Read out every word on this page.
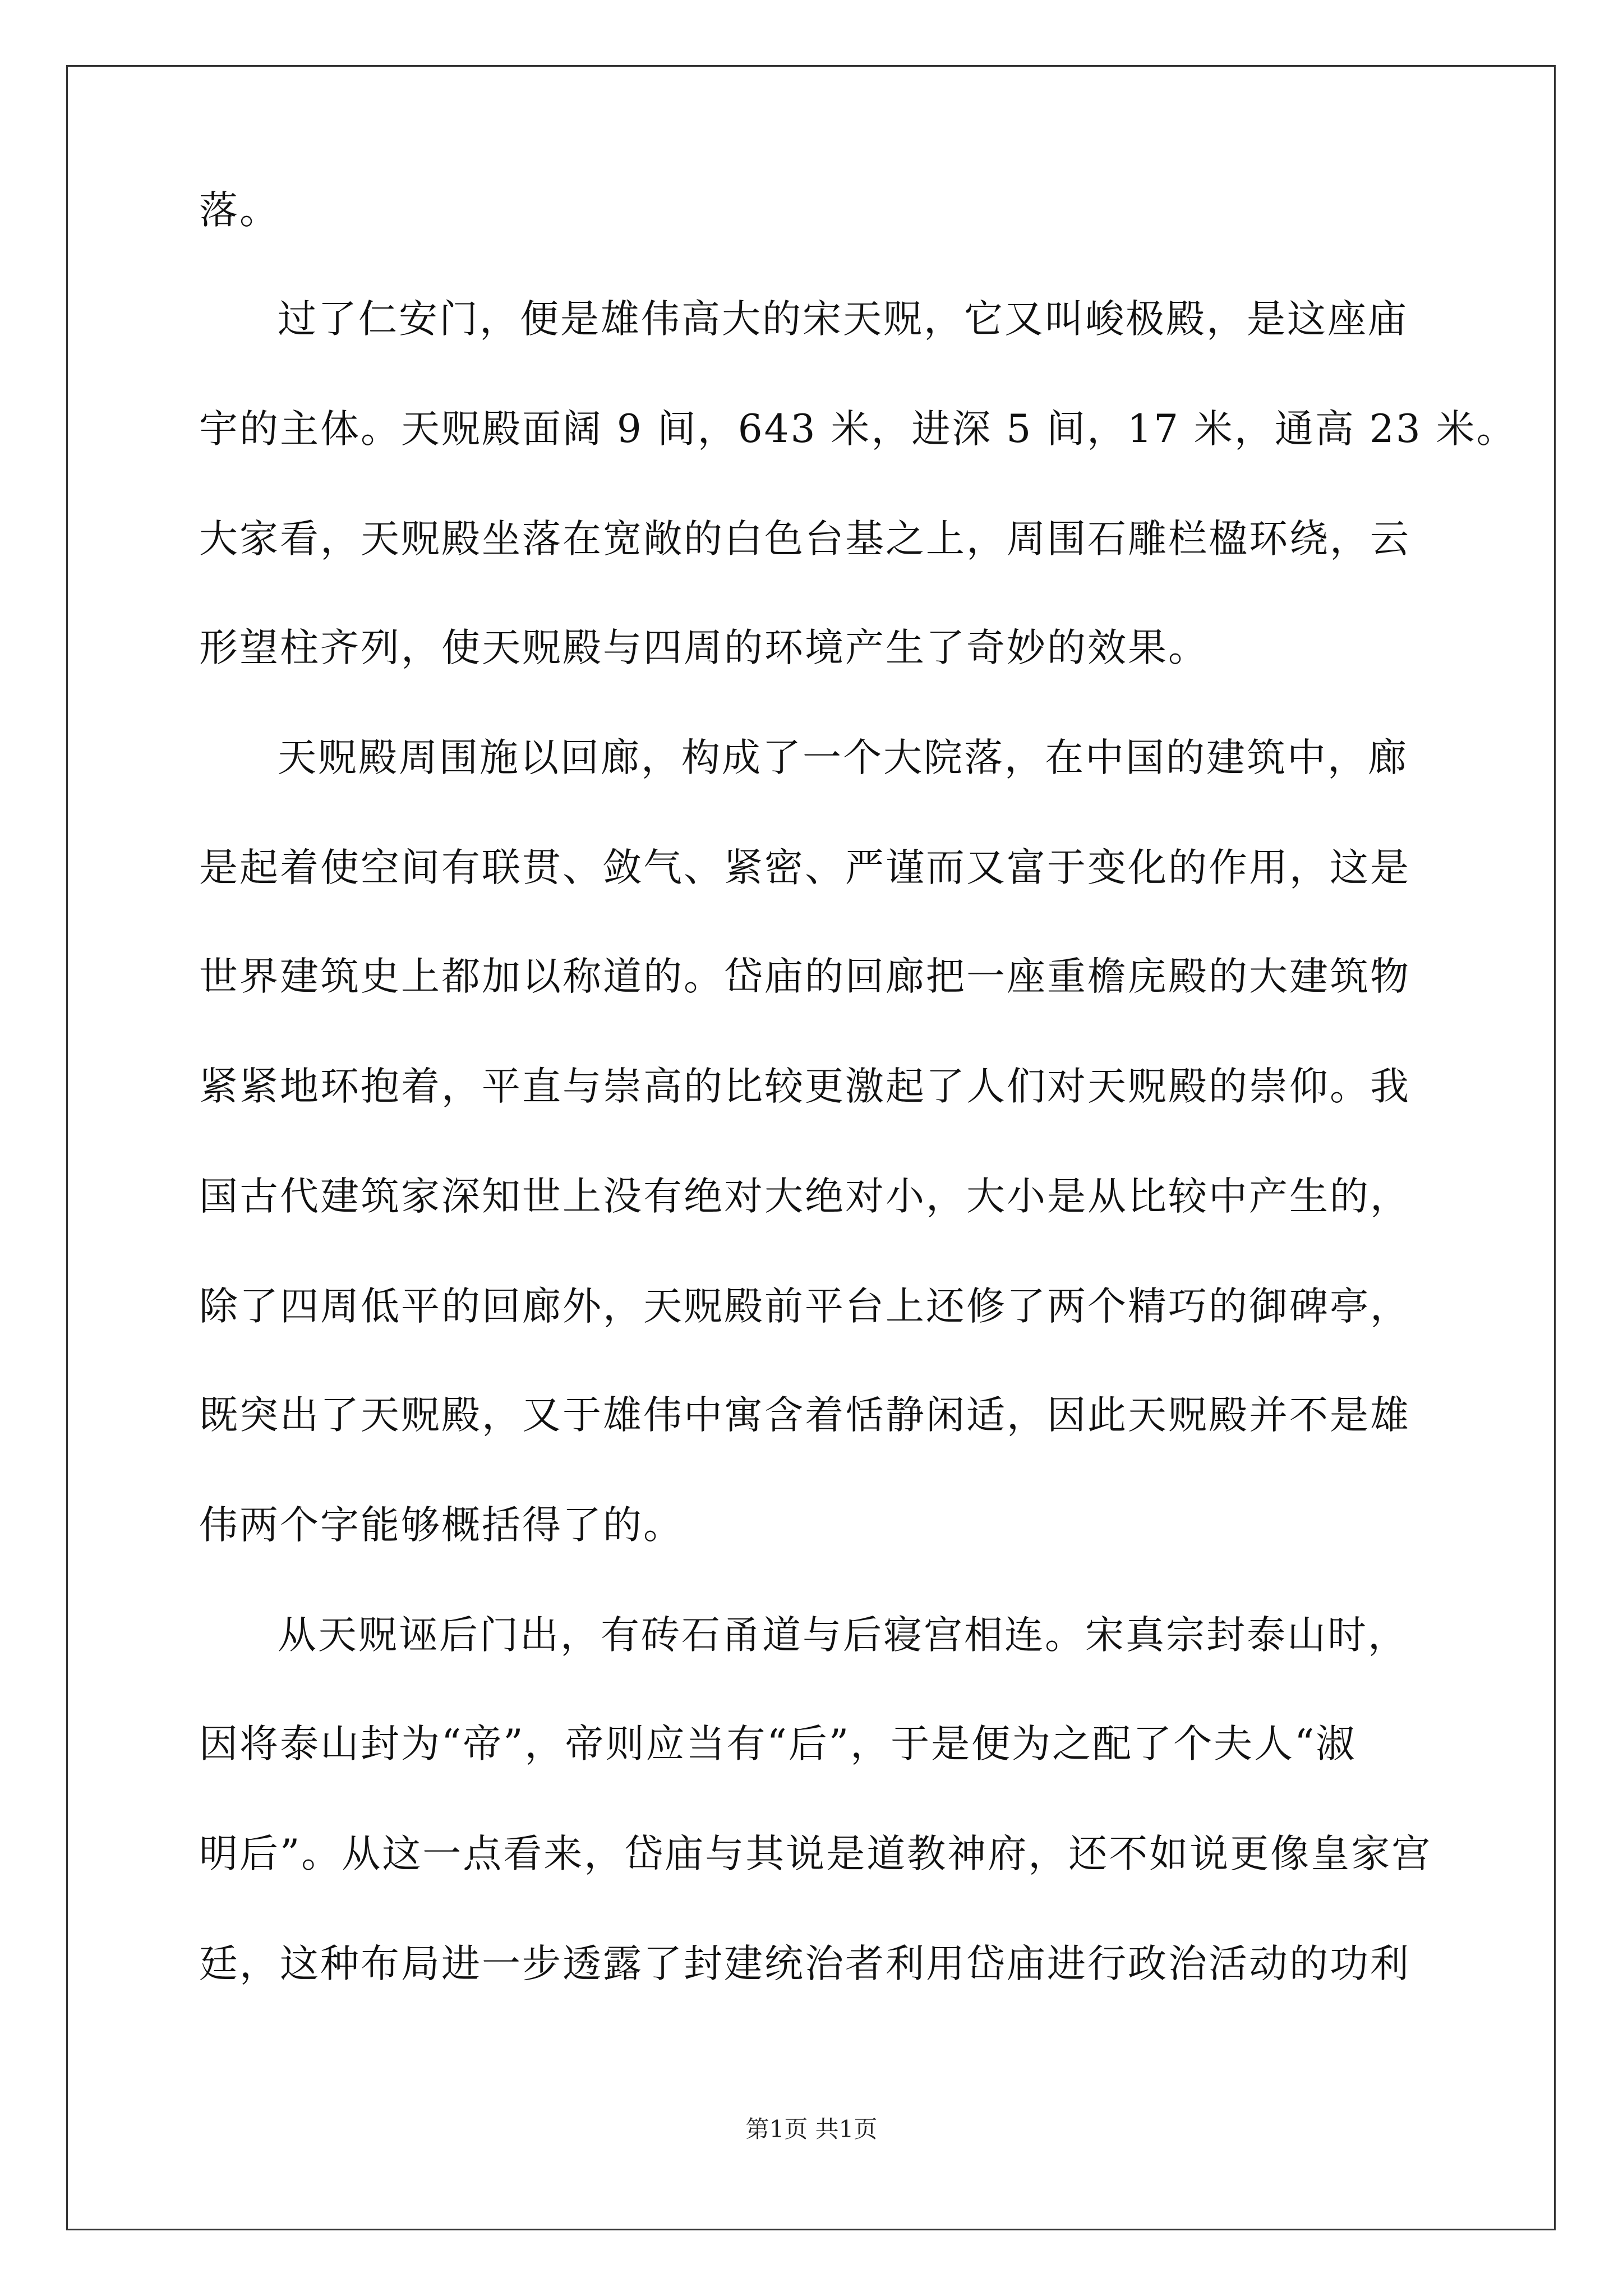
落。
过了仁安门，便是雄伟高大的宋天贶，它又叫峻极殿，是这座庙
宇的主体。天贶殿面阔 9 间，643 米，进深 5 间，17 米，通高 23 米。
大家看，天贶殿坐落在宽敞的白色台基之上，周围石雕栏楹环绕，云
形望柱齐列，使天贶殿与四周的环境产生了奇妙的效果。
天贶殿周围施以回廊，构成了一个大院落，在中国的建筑中，廊
是起着使空间有联贯、敛气、紧密、严谨而又富于变化的作用，这是
世界建筑史上都加以称道的。岱庙的回廊把一座重檐庑殿的大建筑物
紧紧地环抱着，平直与崇高的比较更激起了人们对天贶殿的崇仰。我
国古代建筑家深知世上没有绝对大绝对小，大小是从比较中产生的，
除了四周低平的回廊外，天贶殿前平台上还修了两个精巧的御碑亭，
既突出了天贶殿，又于雄伟中寓含着恬静闲适，因此天贶殿并不是雄
伟两个字能够概括得了的。
从天贶诬后门出，有砖石甬道与后寝宫相连。宋真宗封泰山时，
因将泰山封为“帝”，帝则应当有“后”，于是便为之配了个夫人“淑
明后”。从这一点看来，岱庙与其说是道教神府，还不如说更像皇家宫
廷，这种布局进一步透露了封建统治者利用岱庙进行政治活动的功利
第1页 共1页
